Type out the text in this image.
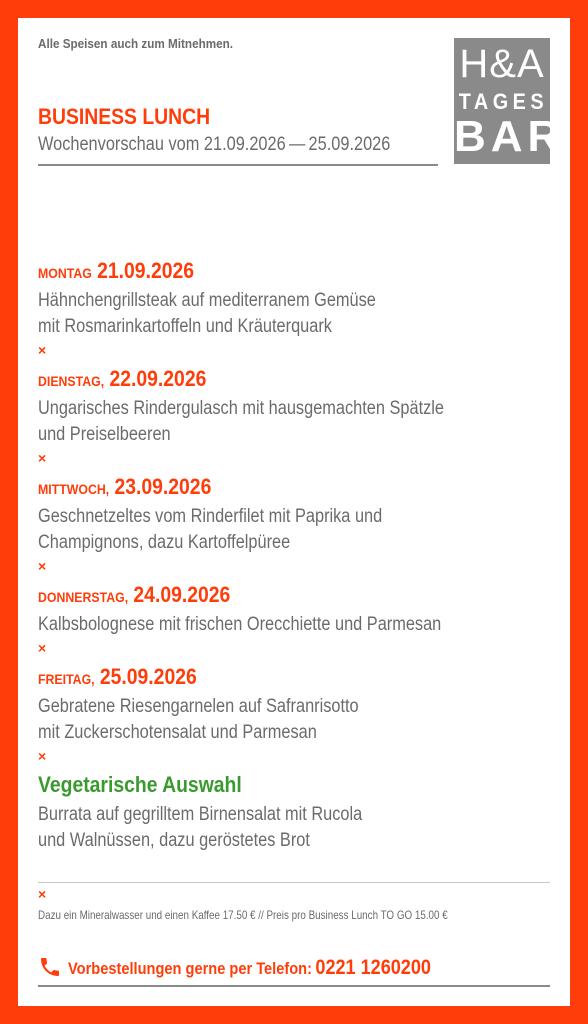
Alle Speisen auch zum Mitnehmen.	H&A
TAGES
BAR
BUSINESS LUNCH
Wochenvorschau vom 21.09.2026 — 25.09.2026
MONTAG 21.09.2026
Hähnchengrillsteak auf mediterranem Gemüse
mit Rosmarinkartoffeln und Kräuterquark
×
DIENSTAG, 22.09.2026
Ungarisches Rindergulasch mit hausgemachten Spätzle
und Preiselbeeren
×
MITTWOCH, 23.09.2026
Geschnetzeltes vom Rinderfilet mit Paprika und
Champignons, dazu Kartoffelpüree
×
DONNERSTAG, 24.09.2026
Kalbsbolognese mit frischen Orecchiette und Parmesan
×
FREITAG, 25.09.2026
Gebratene Riesengarnelen auf Safranrisotto
mit Zuckerschotensalat und Parmesan
×
Vegetarische Auswahl
Burrata auf gegrilltem Birnensalat mit Rucola
und Walnüssen, dazu geröstetes Brot
×
Dazu ein Mineralwasser und einen Kaffee 17.50 € // Preis pro Business Lunch TO GO 15.00 €
Vorbestellungen gerne per Telefon: 0221 1260200
